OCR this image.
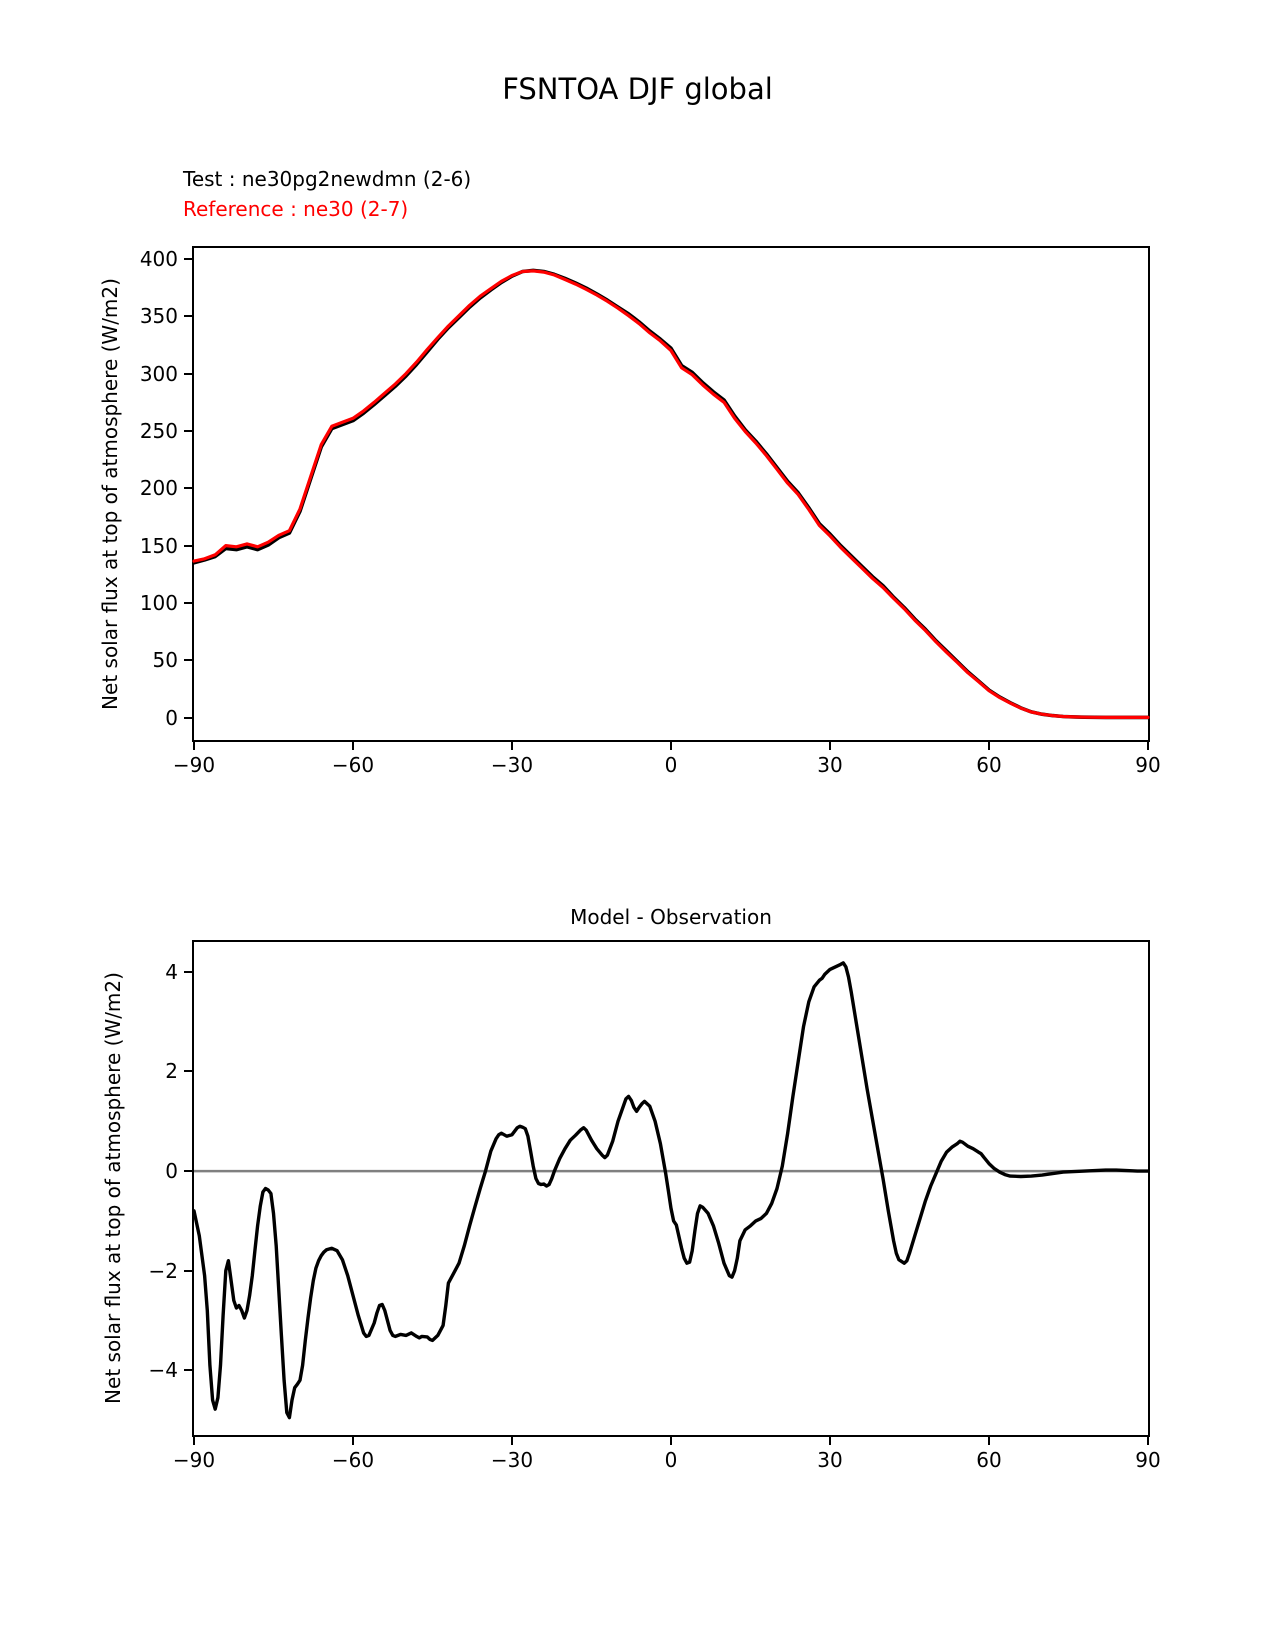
FSNTOA DJF global
Test : ne30pg2newdmn (2-6)
Reference : ne30 (2-7)
Net solar flux at top of atmosphere (W/m2)
−90	−60	−30	0	30	60	90
0
50
100
150
200
250
300
350
400
Model - Observation
Net solar flux at top of atmosphere (W/m2)
−90	−60	−30	0	30	60	90
−4
−2
0
2
4
